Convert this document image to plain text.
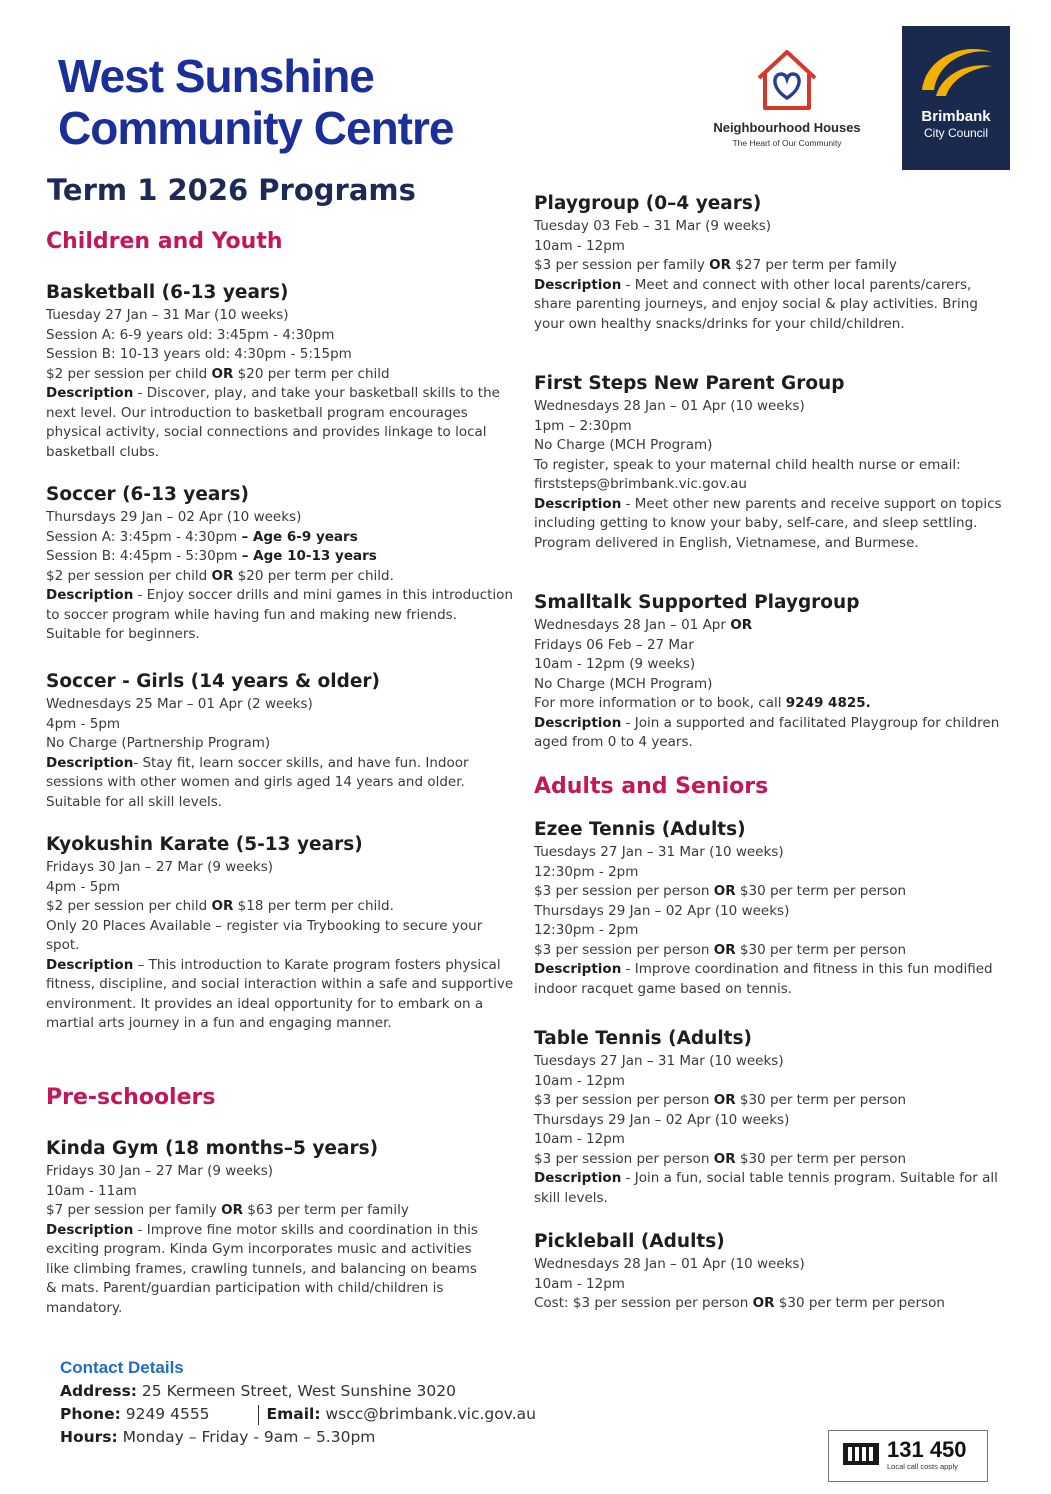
West Sunshine
Community Centre	Neighbourhood Houses
The Heart of Our Community
Brimbank
City Council
Term 1 2026 Programs
Children and Youth
Basketball (6-13 years)
Tuesday 27 Jan – 31 Mar (10 weeks)
Session A: 6-9 years old: 3:45pm - 4:30pm
Session B: 10-13 years old: 4:30pm - 5:15pm
$2 per session per child OR $20 per term per child
Description - Discover, play, and take your basketball skills to the next level. Our introduction to basketball program encourages physical activity, social connections and provides linkage to local basketball clubs.
Soccer (6-13 years)
Thursdays 29 Jan – 02 Apr (10 weeks)
Session A: 3:45pm - 4:30pm – Age 6-9 years
Session B: 4:45pm - 5:30pm – Age 10-13 years
$2 per session per child OR $20 per term per child.
Description - Enjoy soccer drills and mini games in this introduction to soccer program while having fun and making new friends. Suitable for beginners.
Soccer - Girls (14 years & older)
Wednesdays 25 Mar – 01 Apr (2 weeks)
4pm - 5pm
No Charge (Partnership Program)
Description- Stay fit, learn soccer skills, and have fun. Indoor sessions with other women and girls aged 14 years and older. Suitable for all skill levels.
Kyokushin Karate (5-13 years)
Fridays 30 Jan – 27 Mar (9 weeks)
4pm - 5pm
$2 per session per child OR $18 per term per child.
Only 20 Places Available – register via Trybooking to secure your spot.
Description – This introduction to Karate program fosters physical fitness, discipline, and social interaction within a safe and supportive environment. It provides an ideal opportunity for to embark on a martial arts journey in a fun and engaging manner.
Pre-schoolers
Kinda Gym (18 months–5 years)
Fridays 30 Jan – 27 Mar (9 weeks)
10am - 11am
$7 per session per family OR $63 per term per family
Description - Improve fine motor skills and coordination in this exciting program. Kinda Gym incorporates music and activities like climbing frames, crawling tunnels, and balancing on beams & mats. Parent/guardian participation with child/children is mandatory.
Playgroup (0–4 years)
Tuesday 03 Feb – 31 Mar (9 weeks)
10am - 12pm
$3 per session per family OR $27 per term per family
Description - Meet and connect with other local parents/carers, share parenting journeys, and enjoy social & play activities. Bring your own healthy snacks/drinks for your child/children.
First Steps New Parent Group
Wednesdays 28 Jan – 01 Apr (10 weeks)
1pm – 2:30pm
No Charge (MCH Program)
To register, speak to your maternal child health nurse or email: firststeps@brimbank.vic.gov.au
Description - Meet other new parents and receive support on topics including getting to know your baby, self-care, and sleep settling. Program delivered in English, Vietnamese, and Burmese.
Smalltalk Supported Playgroup
Wednesdays 28 Jan – 01 Apr OR
Fridays 06 Feb – 27 Mar
10am - 12pm (9 weeks)
No Charge (MCH Program)
For more information or to book, call 9249 4825.
Description - Join a supported and facilitated Playgroup for children aged from 0 to 4 years.
Adults and Seniors
Ezee Tennis (Adults)
Tuesdays 27 Jan – 31 Mar (10 weeks)
12:30pm - 2pm
$3 per session per person OR $30 per term per person
Thursdays 29 Jan – 02 Apr (10 weeks)
12:30pm - 2pm
$3 per session per person OR $30 per term per person
Description - Improve coordination and fitness in this fun modified indoor racquet game based on tennis.
Table Tennis (Adults)
Tuesdays 27 Jan – 31 Mar (10 weeks)
10am - 12pm
$3 per session per person OR $30 per term per person
Thursdays 29 Jan – 02 Apr (10 weeks)
10am - 12pm
$3 per session per person OR $30 per term per person
Description - Join a fun, social table tennis program. Suitable for all skill levels.
Pickleball (Adults)
Wednesdays 28 Jan – 01 Apr (10 weeks)
10am - 12pm
Cost: $3 per session per person OR $30 per term per person
Contact Details
Address: 25 Kermeen Street, West Sunshine 3020
Phone: 9249 4555	Email: wscc@brimbank.vic.gov.au
Hours: Monday – Friday - 9am – 5.30pm	131 450
Local call costs apply
